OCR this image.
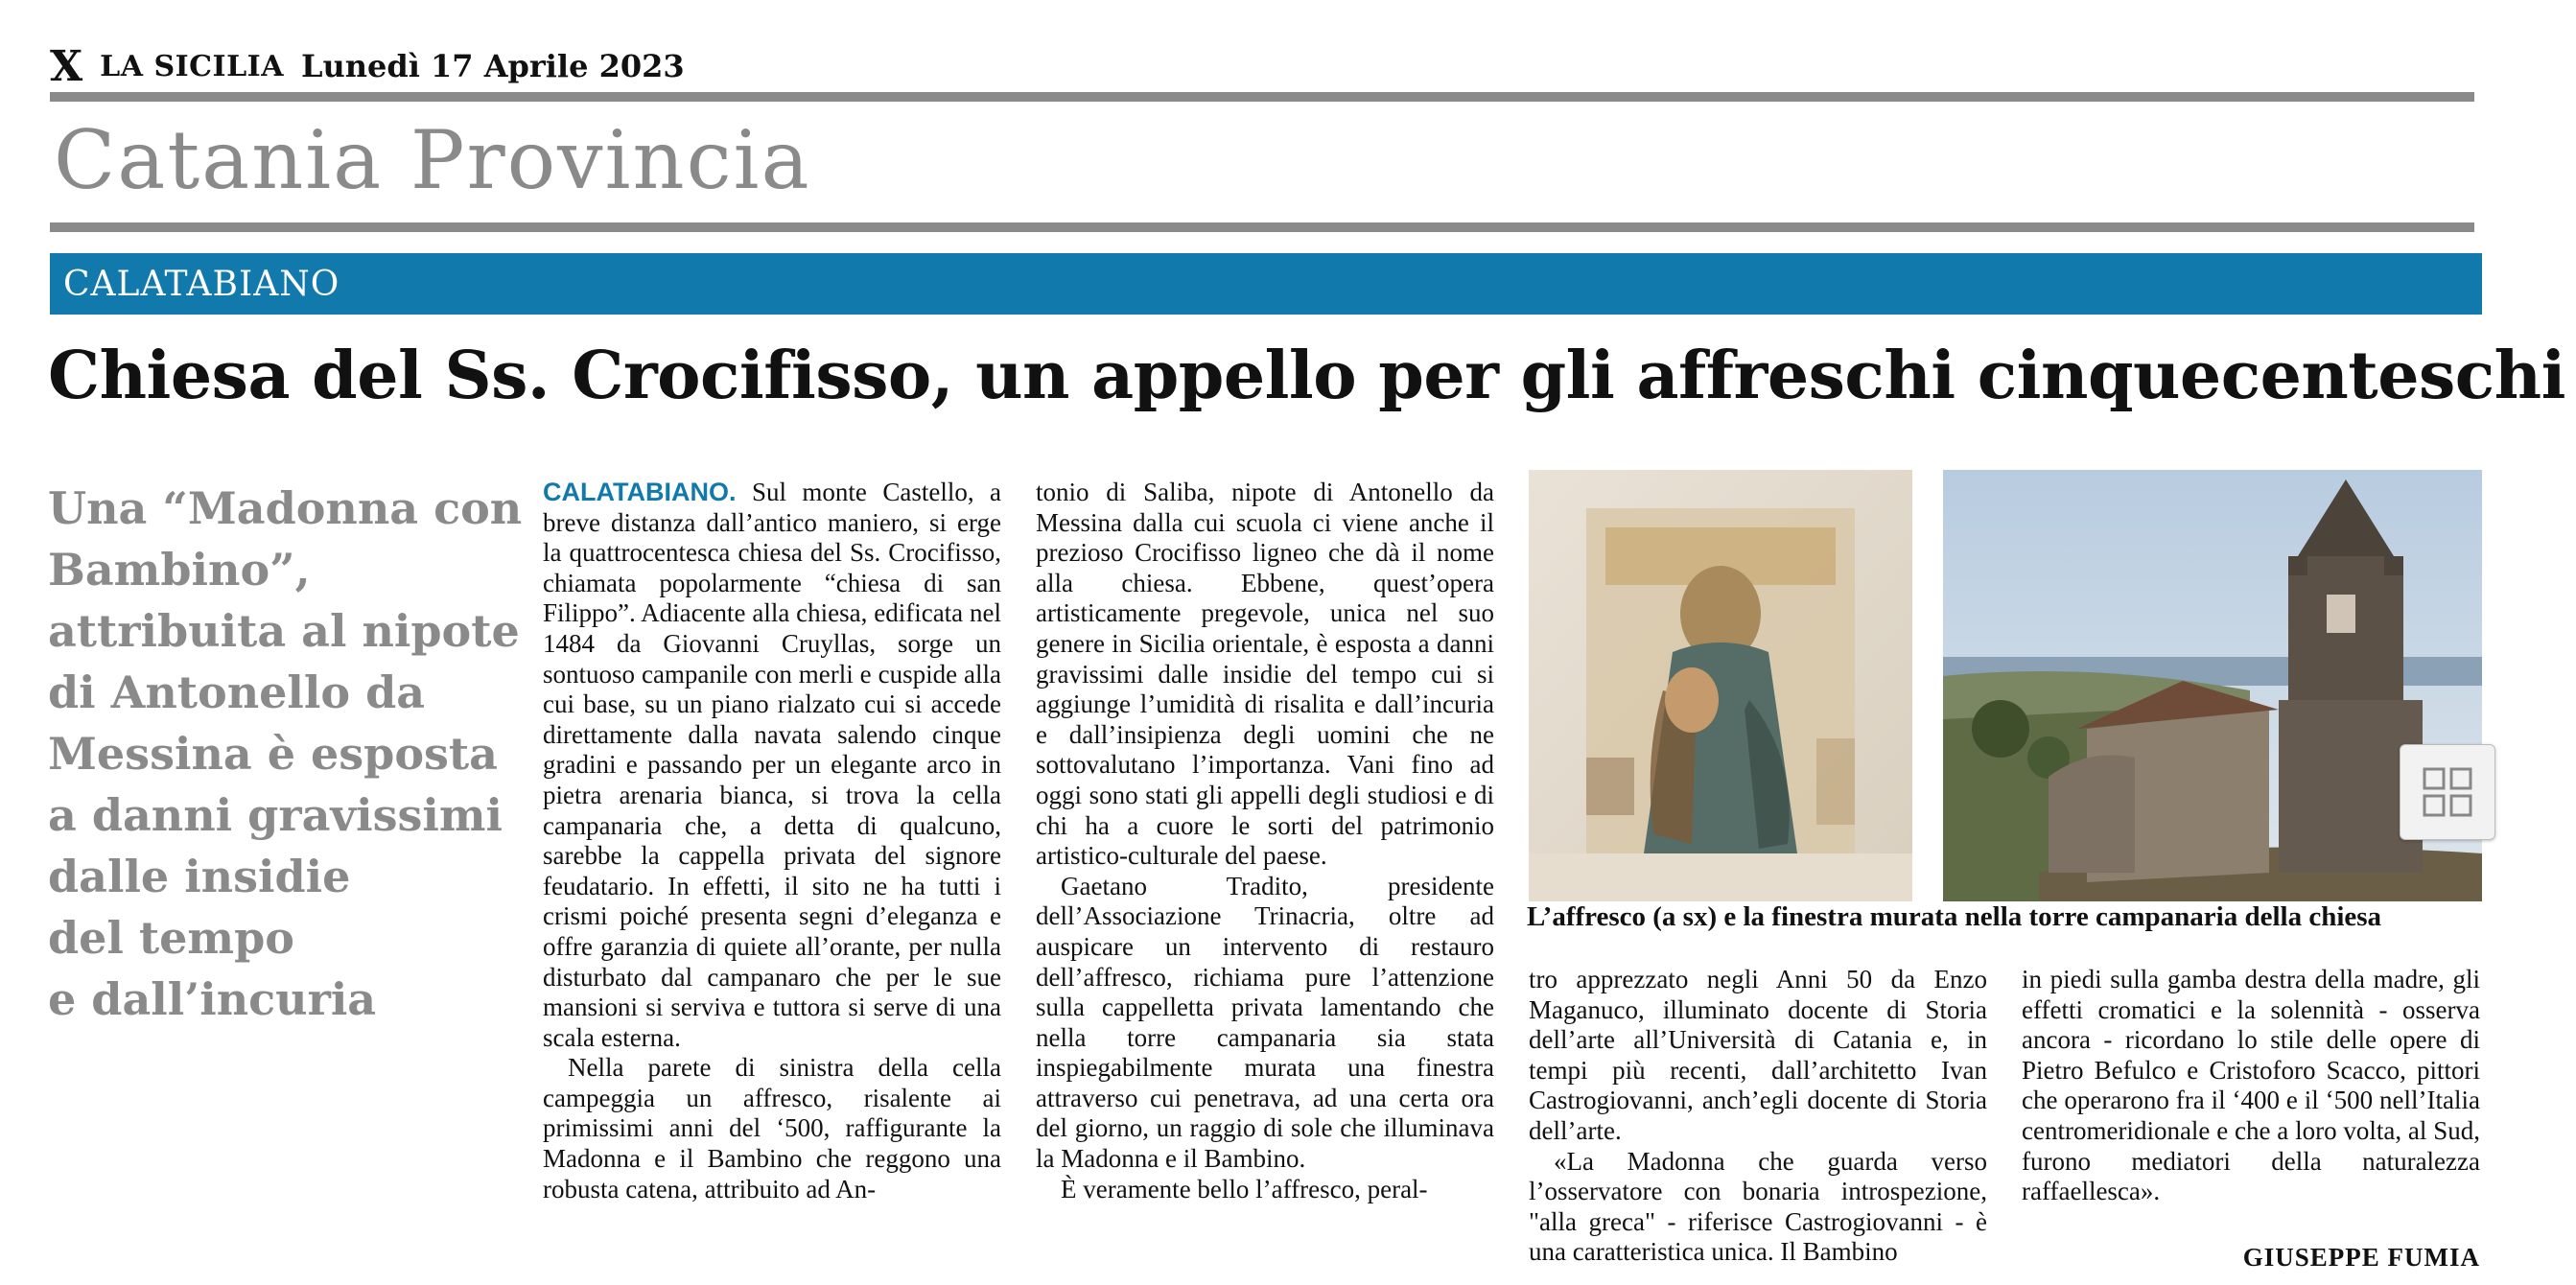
X LA SICILIA Lunedì 17 Aprile 2023
Catania Provincia
CALATABIANO
Chiesa del Ss. Crocifisso, un appello per gli affreschi cinquecenteschi
Una “Madonna con
Bambino”,
attribuita al nipote
di Antonello da
Messina è esposta
a danni gravissimi
dalle insidie
del tempo
e dall’incuria

CALATABIANO. Sul monte Castello, a breve distanza dall’antico maniero, si erge la quattrocentesca chiesa del Ss. Crocifisso, chiamata popolarmente “chiesa di san Filippo”. Adiacente alla chiesa, edificata nel 1484 da Giovanni Cruyllas, sorge un sontuoso campanile con merli e cuspide alla cui base, su un piano rialzato cui si accede direttamente dalla navata salendo cinque gradini e passando per un elegante arco in pietra arenaria bianca, si trova la cella campanaria che, a detta di qualcuno, sarebbe la cappella privata del signore feudatario. In effetti, il sito ne ha tutti i crismi poiché presenta segni d’eleganza e offre garanzia di quiete all’orante, per nulla disturbato dal campanaro che per le sue mansioni si serviva e tuttora si serve di una scala esterna.

Nella parete di sinistra della cella campeggia un affresco, risalente ai primissimi anni del ‘500, raffigurante la Madonna e il Bambino che reggono una robusta catena, attribuito ad An-

tonio di Saliba, nipote di Antonello da Messina dalla cui scuola ci viene anche il prezioso Crocifisso ligneo che dà il nome alla chiesa. Ebbene, quest’opera artisticamente pregevole, unica nel suo genere in Sicilia orientale, è esposta a danni gravissimi dalle insidie del tempo cui si aggiunge l’umidità di risalita e dall’incuria e dall’insipienza degli uomini che ne sottovalutano l’importanza. Vani fino ad oggi sono stati gli appelli degli studiosi e di chi ha a cuore le sorti del patrimonio artistico-culturale del paese.

Gaetano Tradito, presidente dell’Associazione Trinacria, oltre ad auspicare un intervento di restauro dell’affresco, richiama pure l’attenzione sulla cappelletta privata lamentando che nella torre campanaria sia stata inspiegabilmente murata una finestra attraverso cui penetrava, ad una certa ora del giorno, un raggio di sole che illuminava la Madonna e il Bambino.

È veramente bello l’affresco, peral-

L’affresco (a sx) e la finestra murata nella torre campanaria della chiesa

tro apprezzato negli Anni 50 da Enzo Maganuco, illuminato docente di Storia dell’arte all’Università di Catania e, in tempi più recenti, dall’architetto Ivan Castrogiovanni, anch’egli docente di Storia dell’arte.

«La Madonna che guarda verso l’osservatore con bonaria introspezione, "alla greca" - riferisce Castrogiovanni - è una caratteristica unica. Il Bambino

in piedi sulla gamba destra della madre, gli effetti cromatici e la solennità - osserva ancora - ricordano lo stile delle opere di Pietro Befulco e Cristoforo Scacco, pittori che operarono fra il ‘400 e il ‘500 nell’Italia centromeridionale e che a loro volta, al Sud, furono mediatori della naturalezza raffaellesca».

GIUSEPPE FUMIA
